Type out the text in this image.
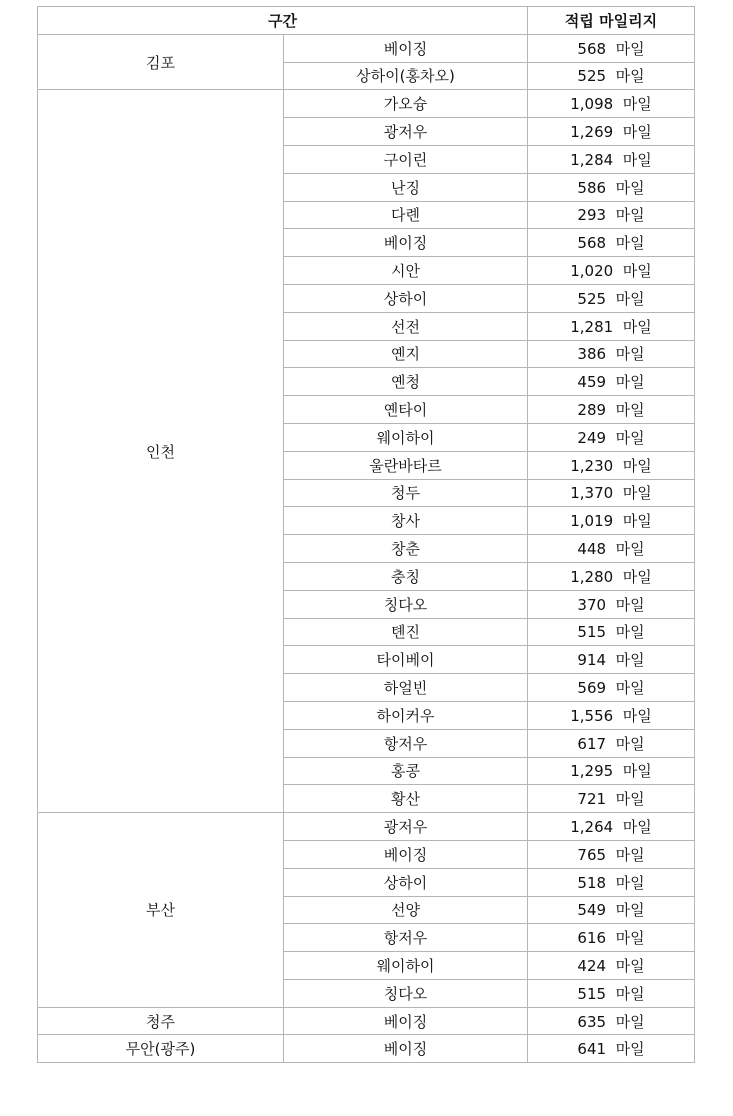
구간		적립 마일리지
김포	베이징	568 마일
	상하이(홍차오)	525 마일
인천	가오슝	1,098 마일
	광저우	1,269 마일
	구이린	1,284 마일
	난징	586 마일
	다롄	293 마일
	베이징	568 마일
	시안	1,020 마일
	상하이	525 마일
	선전	1,281 마일
	옌지	386 마일
	옌청	459 마일
	옌타이	289 마일
	웨이하이	249 마일
	울란바타르	1,230 마일
	청두	1,370 마일
	창사	1,019 마일
	창춘	448 마일
	충칭	1,280 마일
	칭다오	370 마일
	톈진	515 마일
	타이베이	914 마일
	하얼빈	569 마일
	하이커우	1,556 마일
	항저우	617 마일
	홍콩	1,295 마일
	황산	721 마일
부산	광저우	1,264 마일
	베이징	765 마일
	상하이	518 마일
	선양	549 마일
	항저우	616 마일
	웨이하이	424 마일
	칭다오	515 마일
청주	베이징	635 마일
무안(광주)	베이징	641 마일
